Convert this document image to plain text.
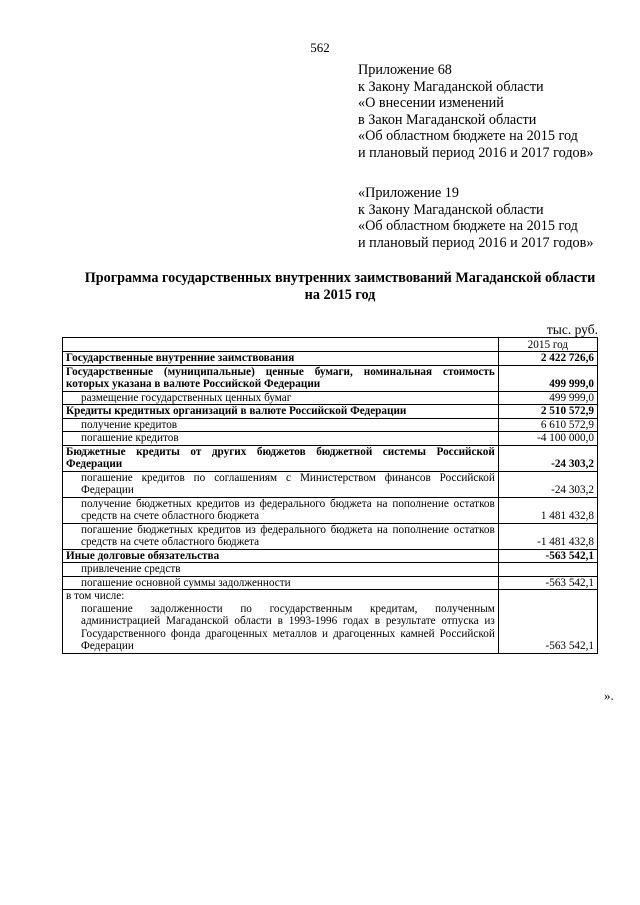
562
Приложение 68
к Закону Магаданской области
«О внесении изменений
в Закон Магаданской области
«Об областном бюджете на 2015 год
и плановый период 2016 и 2017 годов»
«Приложение 19
к Закону Магаданской области
«Об областном бюджете на 2015 год
и плановый период 2016 и 2017 годов»
Программа государственных внутренних заимствований Магаданской области
на 2015 год
тыс. руб.
	2015 год
Государственные внутренние заимствования	2 422 726,6
Государственные (муниципальные) ценные бумаги, номинальная стоимость которых указана в валюте Российской Федерации	499 999,0
размещение государственных ценных бумаг	499 999,0
Кредиты кредитных организаций в валюте Российской Федерации	2 510 572,9
получение кредитов	6 610 572,9
погашение кредитов	-4 100 000,0
Бюджетные кредиты от других бюджетов бюджетной системы Российской Федерации	-24 303,2
погашение кредитов по соглашениям с Министерством финансов Российской Федерации	-24 303,2
получение бюджетных кредитов из федерального бюджета на пополнение остатков средств на счете областного бюджета	1 481 432,8
погашение бюджетных кредитов из федерального бюджета на пополнение остатков средств на счете областного бюджета	-1 481 432,8
Иные долговые обязательства	-563 542,1
привлечение средств	
погашение основной суммы задолженности	-563 542,1

в том числе:
погашение задолженности по государственным кредитам, полученным администрацией Магаданской области в 1993-1996 годах в результате отпуска из Государственного фонда драгоценных металлов и драгоценных камней Российской Федерации	-563 542,1
».
